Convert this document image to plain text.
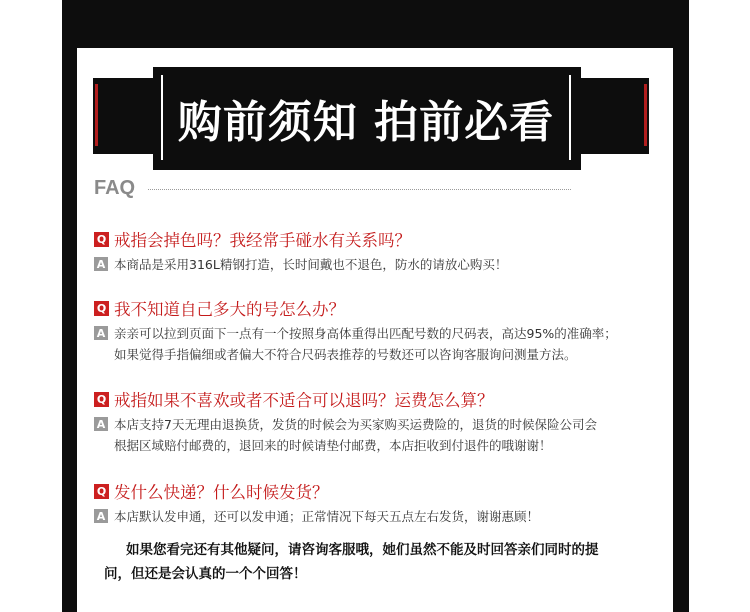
购前须知 拍前必看
FAQ
Q 戒指会掉色吗？我经常手碰水有关系吗？
A 本商品是采用316L精钢打造，长时间戴也不退色，防水的请放心购买！
Q 我不知道自己多大的号怎么办？
A 亲亲可以拉到页面下一点有一个按照身高体重得出匹配号数的尺码表，高达95%的准确率；
如果觉得手指偏细或者偏大不符合尺码表推荐的号数还可以咨询客服询问测量方法。
Q 戒指如果不喜欢或者不适合可以退吗？运费怎么算？
A 本店支持7天无理由退换货，发货的时候会为买家购买运费险的，退货的时候保险公司会
根据区域赔付邮费的，退回来的时候请垫付邮费，本店拒收到付退件的哦谢谢！
Q 发什么快递？什么时候发货？
A 本店默认发申通，还可以发申通；正常情况下每天五点左右发货，谢谢惠顾！
如果您看完还有其他疑问，请咨询客服哦，她们虽然不能及时回答亲们同时的提
问，但还是会认真的一个个回答！
